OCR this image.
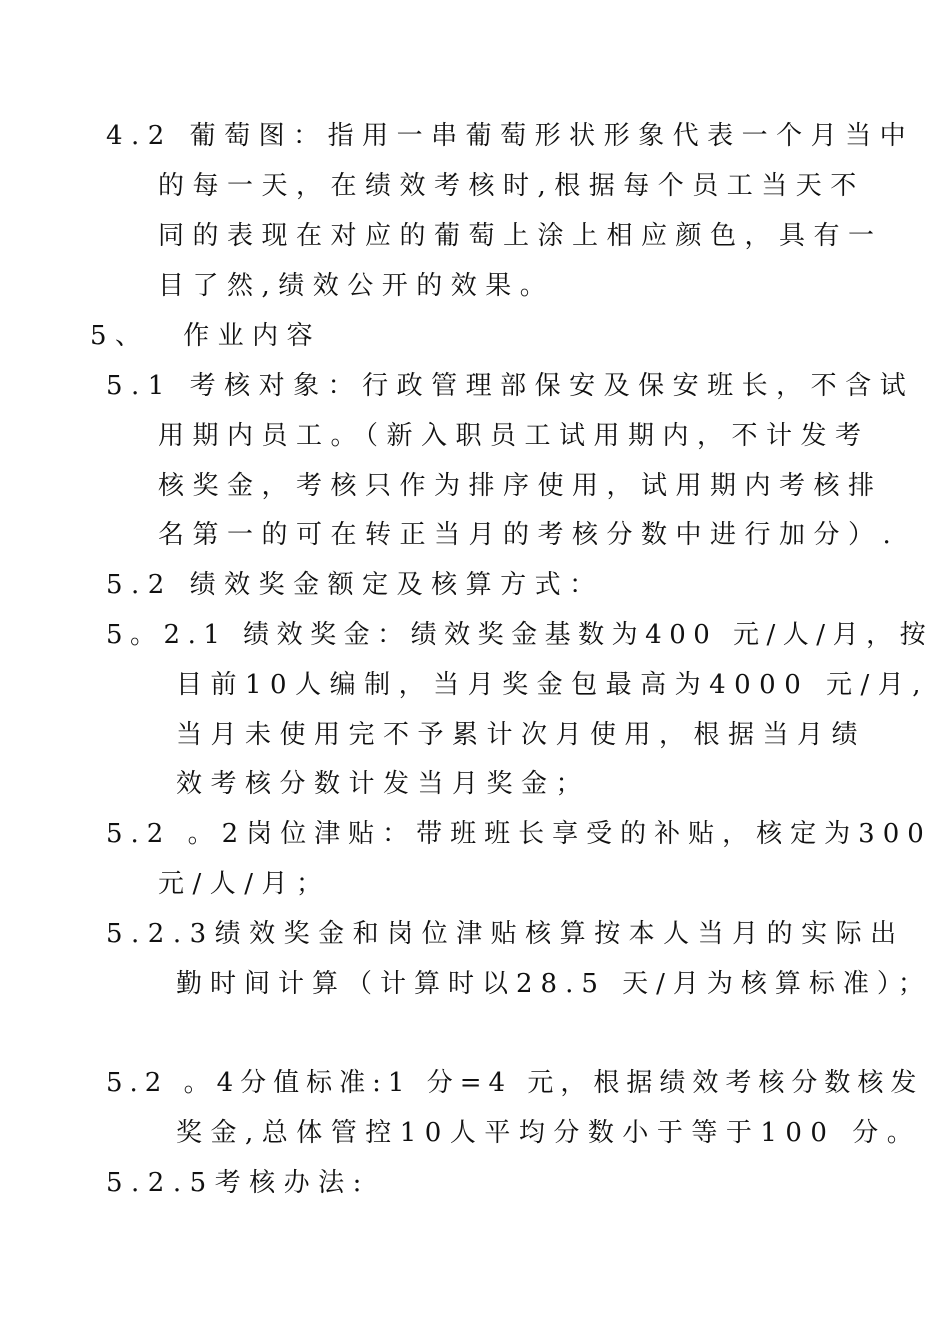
4.2 葡萄图：指用一串葡萄形状形象代表一个月当中
的每一天，在绩效考核时,根据每个员工当天不
同的表现在对应的葡萄上涂上相应颜色，具有一
目了然,绩效公开的效果。
5、  作业内容
5.1 考核对象：行政管理部保安及保安班长，不含试
用期内员工。（新入职员工试用期内，不计发考
核奖金，考核只作为排序使用，试用期内考核排
名第一的可在转正当月的考核分数中进行加分）.
5.2 绩效奖金额定及核算方式：
5。2.1 绩效奖金：绩效奖金基数为400 元/人/月，按
目前10人编制，当月奖金包最高为4000 元/月,
当月未使用完不予累计次月使用，根据当月绩
效考核分数计发当月奖金；
5.2 。2岗位津贴：带班班长享受的补贴，核定为300
元/人/月；
5.2.3绩效奖金和岗位津贴核算按本人当月的实际出
勤时间计算（计算时以28.5 天/月为核算标准）；
5.2 。4分值标准:1 分=4 元，根据绩效考核分数核发
奖金,总体管控10人平均分数小于等于100 分。
5.2.5考核办法:
